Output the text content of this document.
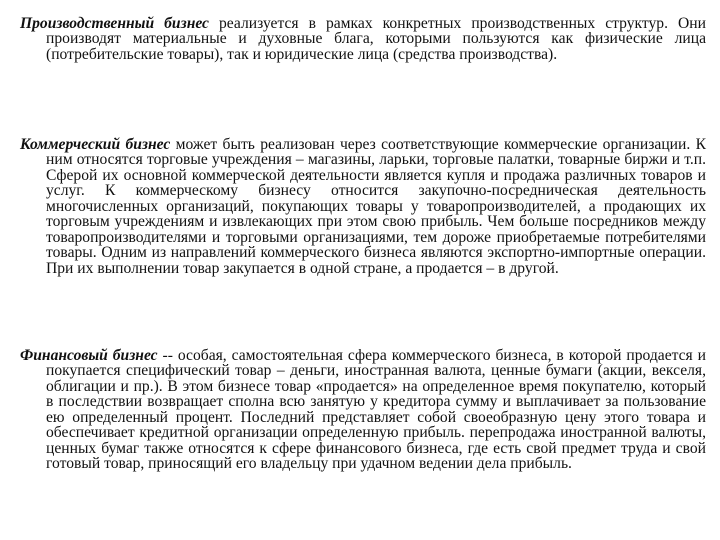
Производственный бизнес реализуется в рамках конкретных производственных структур. Они производят материальные и духовные блага, которыми пользуются как физические лица (потребительские товары), так и юридические лица (средства производства).

Коммерческий бизнес может быть реализован через соответствующие коммерческие организации. К ним относятся торговые учреждения – магазины, ларьки, торговые палатки, товарные биржи и т.п. Сферой их основной коммерческой деятельности является купля и продажа различных товаров и услуг. К коммерческому бизнесу относится закупочно-посредническая деятельность многочисленных организаций, покупающих товары у товаропроизводителей, а продающих их торговым учреждениям и извлекающих при этом свою прибыль. Чем больше посредников между товаропроизводителями и торговыми организациями, тем дороже приобретаемые потребителями товары. Одним из направлений коммерческого бизнеса являются экспортно-импортные операции. При их выполнении товар закупается в одной стране, а продается – в другой.

Финансовый бизнес -- особая, самостоятельная сфера коммерческого бизнеса, в которой продается и покупается специфический товар – деньги, иностранная валюта, ценные бумаги (акции, векселя, облигации и пр.). В этом бизнесе товар «продается» на определенное время покупателю, который в последствии возвращает сполна всю занятую у кредитора сумму и выплачивает за пользование ею определенный процент. Последний представляет собой своеобразную цену этого товара и обеспечивает кредитной организации определенную прибыль. перепродажа иностранной валюты, ценных бумаг также относятся к сфере финансового бизнеса, где есть свой предмет труда и свой готовый товар, приносящий его владельцу при удачном ведении дела прибыль.
